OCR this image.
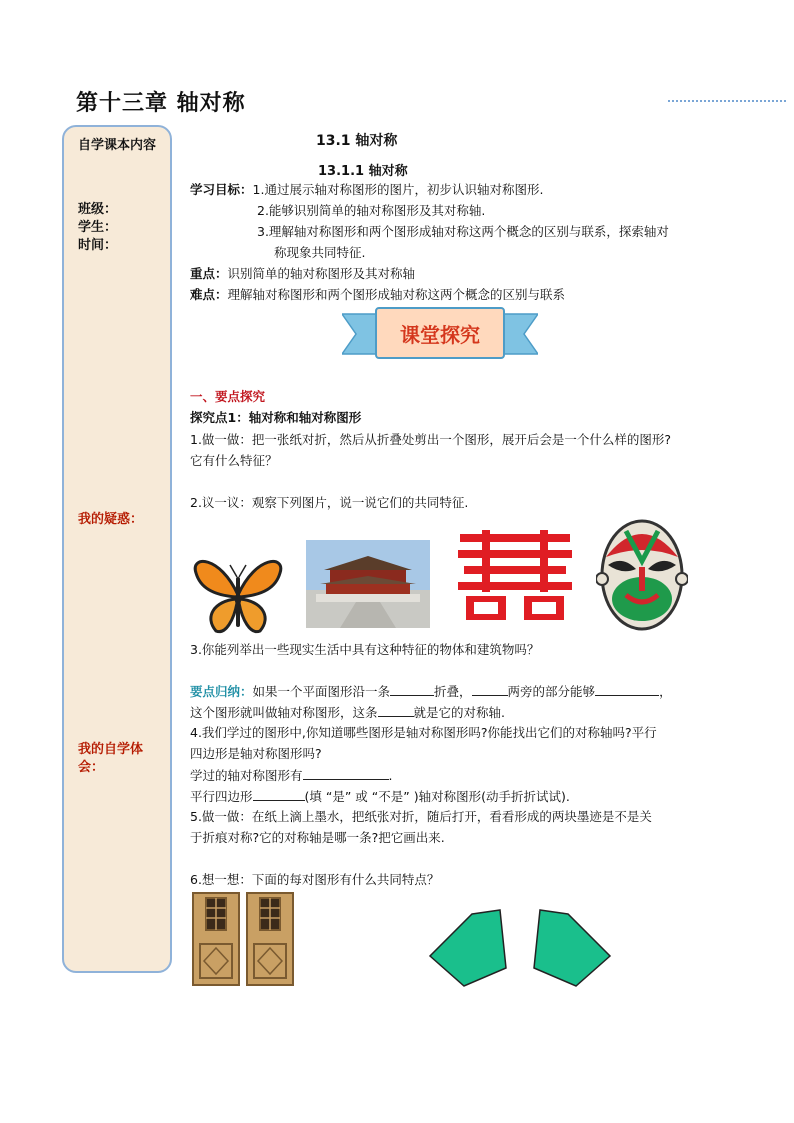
第十三章 轴对称
自学课本内容
班级：
学生：
时间：
我的疑惑：
我的自学体会：
13.1 轴对称
13.1.1 轴对称
学习目标：1.通过展示轴对称图形的图片，初步认识轴对称图形.
2.能够识别简单的轴对称图形及其对称轴.
3.理解轴对称图形和两个图形成轴对称这两个概念的区别与联系，探索轴对
称现象共同特征.
重点：识别简单的轴对称图形及其对称轴
难点：理解轴对称图形和两个图形成轴对称这两个概念的区别与联系
课堂探究
一、要点探究
探究点1：轴对称和轴对称图形
1.做一做：把一张纸对折，然后从折叠处剪出一个图形，展开后会是一个什么样的图形?
它有什么特征？
2.议一议：观察下列图片，说一说它们的共同特征.
3.你能列举出一些现实生活中具有这种特征的物体和建筑物吗？
要点归纳：如果一个平面图形沿一条	折叠，	两旁的部分能够	，
这个图形就叫做轴对称图形，这条	就是它的对称轴.
4.我们学过的图形中,你知道哪些图形是轴对称图形吗?你能找出它们的对称轴吗?平行
四边形是轴对称图形吗?
学过的轴对称图形有	.
平行四边形	(填 “是” 或 “不是” )轴对称图形(动手折折试试).
5.做一做：在纸上滴上墨水，把纸张对折，随后打开，看看形成的两块墨迹是不是关
于折痕对称?它的对称轴是哪一条?把它画出来.
6.想一想：下面的每对图形有什么共同特点？
